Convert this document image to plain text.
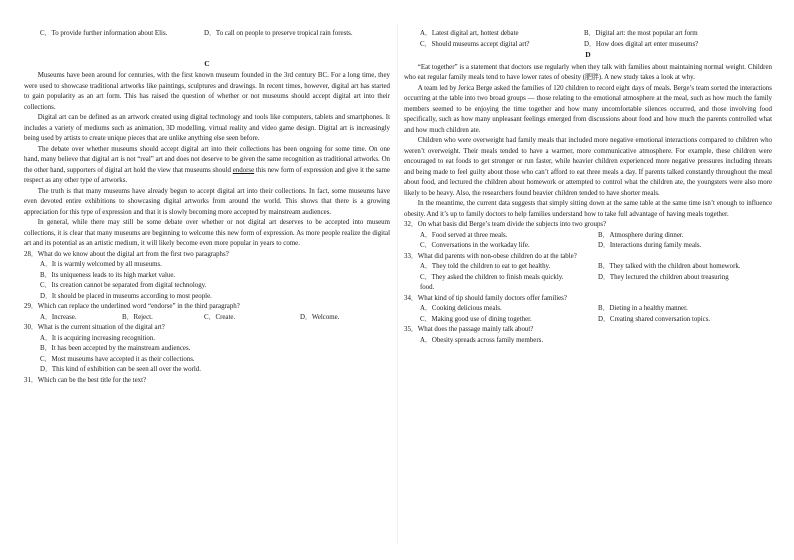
C．To provide further information about Elis.	D．To call on people to preserve tropical rain forests.
C

Museums have been around for centuries, with the first known museum founded in the 3rd century BC. For a long time, they were used to showcase traditional artworks like paintings, sculptures and drawings. In recent times, however, digital art has started to gain popularity as an art form. This has raised the question of whether or not museums should accept digital art into their collections.

Digital art can be defined as an artwork created using digital technology and tools like computers, tablets and smartphones. It includes a variety of mediums such as animation, 3D modelling, virtual reality and video game design. Digital art is increasingly being used by artists to create unique pieces that are unlike anything else seen before.

The debate over whether museums should accept digital art into their collections has been ongoing for some time. On one hand, many believe that digital art is not “real” art and does not deserve to be given the same recognition as traditional artworks. On the other hand, supporters of digital art hold the view that museums should endorse this new form of expression and give it the same respect as any other type of artworks.

The truth is that many museums have already begun to accept digital art into their collections. In fact, some museums have even devoted entire exhibitions to showcasing digital artworks from around the world. This shows that there is a growing appreciation for this type of expression and that it is slowly becoming more accepted by mainstream audiences.

In general, while there may still be some debate over whether or not digital art deserves to be accepted into museum collections, it is clear that many museums are beginning to welcome this new form of expression. As more people realize the digital art and its potential as an artistic medium, it will likely become even more popular in years to come.

28．What do we know about the digital art from the first two paragraphs?
A．It is warmly welcomed by all museums.
B．Its uniqueness leads to its high market value.
C．Its creation cannot be separated from digital technology.
D．It should be placed in museums according to most people.
29．Which can replace the underlined word “endorse” in the third paragraph?
A．Increase.	B．Reject.	C．Create.	D．Welcome.
30．What is the current situation of the digital art?
A．It is acquiring increasing recognition.
B．It has been accepted by the mainstream audiences.
C．Most museums have accepted it as their collections.
D．This kind of exhibition can be seen all over the world.
31．Which can be the best title for the text?
A．Latest digital art, hottest debate	B．Digital art: the most popular art form
C．Should museums accept digital art?	D．How does digital art enter museums?
D

“Eat together” is a statement that doctors use regularly when they talk with families about maintaining normal weight. Children who eat regular family meals tend to have lower rates of obesity (肥胖). A new study takes a look at why.

A team led by Jerica Berge asked the families of 120 children to record eight days of meals. Berge’s team sorted the interactions occurring at the table into two broad groups — those relating to the emotional atmosphere at the meal, such as how much the family members seemed to be enjoying the time together and how many uncomfortable silences occurred, and those involving food specifically, such as how many unpleasant feelings emerged from discussions about food and how much the parents controlled what and how much children ate.

Children who were overweight had family meals that included more negative emotional interactions compared to children who weren’t overweight. Their meals tended to have a warmer, more communicative atmosphere. For example, these children were encouraged to eat foods to get stronger or run faster, while heavier children experienced more negative pressures including threats and being made to feel guilty about those who can’t afford to eat three meals a day. If parents talked constantly throughout the meal about food, and lectured the children about homework or attempted to control what the children ate, the youngsters were also more likely to be heavy. Also, the researchers found heavier children tended to have shorter meals.

In the meantime, the current data suggests that simply sitting down at the same table at the same time isn’t enough to influence obesity. And it’s up to family doctors to help families understand how to take full advantage of having meals together.

32．On what basis did Berge’s team divide the subjects into two groups?
A．Food served at three meals.	B．Atmosphere during dinner.
C．Conversations in the workaday life.	D．Interactions during family meals.
33．What did parents with non-obese children do at the table?
A．They told the children to eat to get healthy.	B．They talked with the children about homework.
C．They asked the children to finish meals quickly.	D．They lectured the children about treasuring
food.
34．What kind of tip should family doctors offer families?
A．Cooking delicious meals.	B．Dieting in a healthy manner.
C．Making good use of dining together.	D．Creating shared conversation topics.
35．What does the passage mainly talk about?
A．Obesity spreads across family members.
